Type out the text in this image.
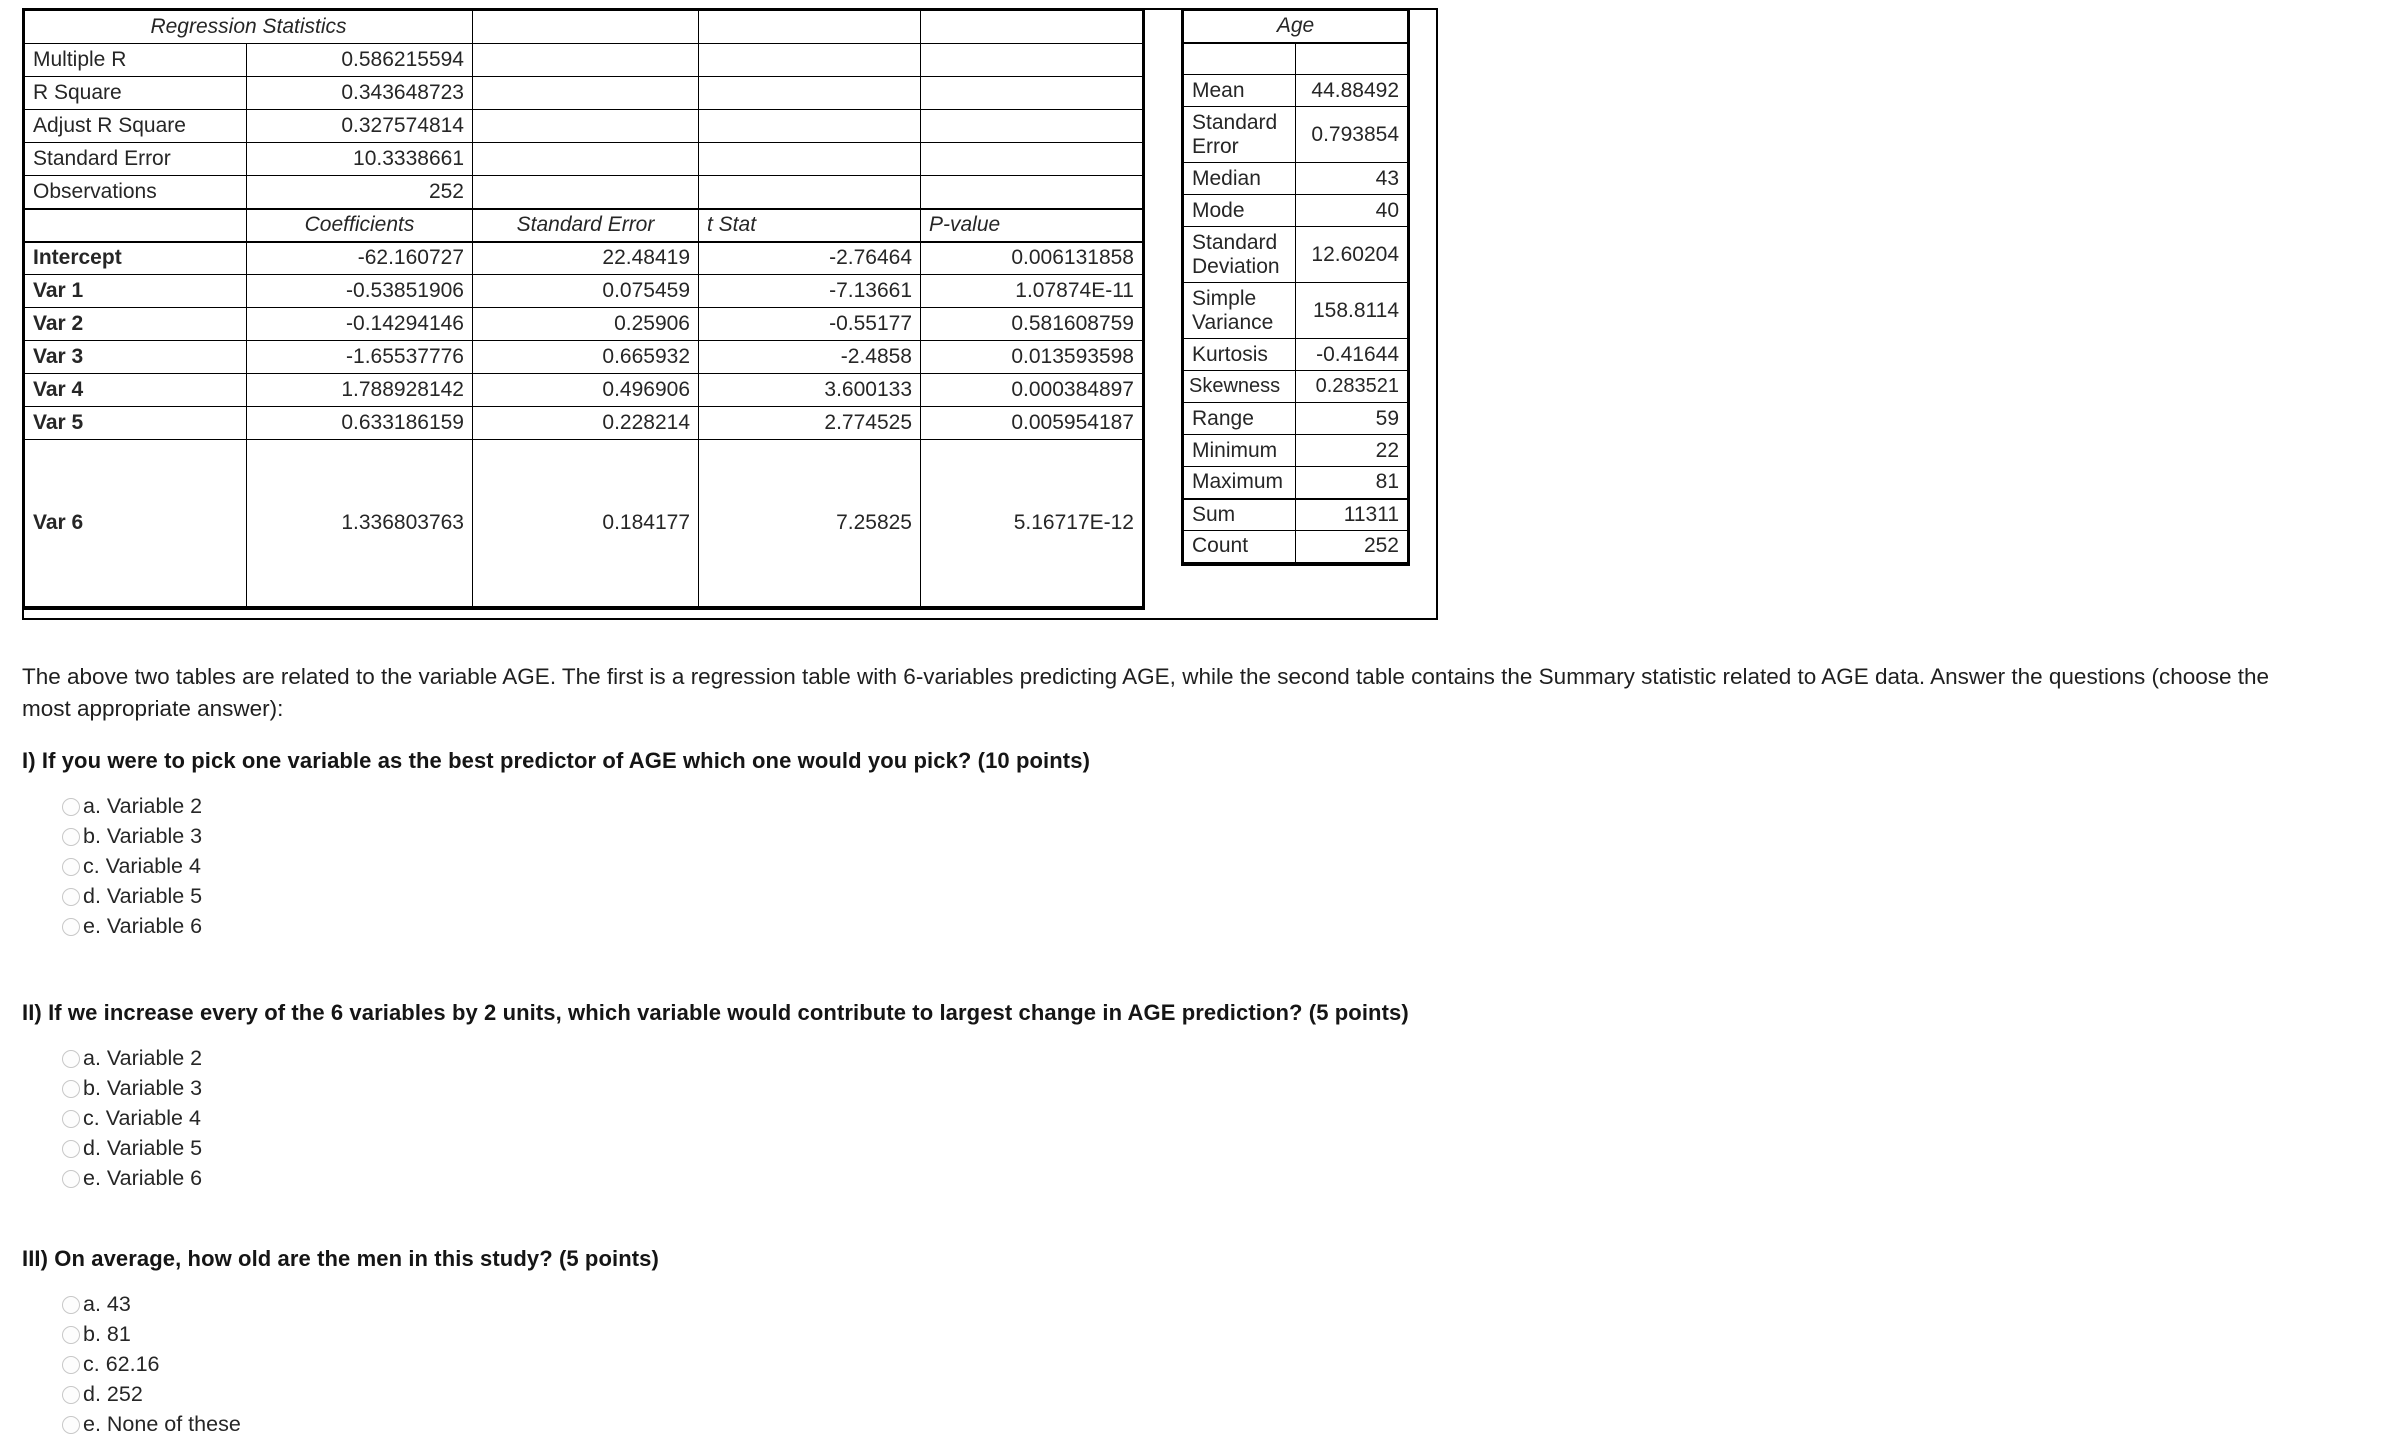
Regression Statistics				
Multiple R	0.586215594			
R Square	0.343648723			
Adjust R Square	0.327574814			
Standard Error	10.3338661			
Observations	252			
	Coefficients	Standard Error	t Stat	P-value
Intercept	-62.160727	22.48419	-2.76464	0.006131858
Var 1	-0.53851906	0.075459	-7.13661	1.07874E-11
Var 2	-0.14294146	0.25906	-0.55177	0.581608759
Var 3	-1.65537776	0.665932	-2.4858	0.013593598
Var 4	1.788928142	0.496906	3.600133	0.000384897
Var 5	0.633186159	0.228214	2.774525	0.005954187
Var 6	1.336803763	0.184177	7.25825	5.16717E-12
Age	

Mean	44.88492
Standard
Error	0.793854
Median	43
Mode	40
Standard
Deviation	12.60204
Simple
Variance	158.8114
Kurtosis	-0.41644
Skewness	0.283521
Range	59
Minimum	22
Maximum	81
Sum	11311
Count	252

The above two tables are related to the variable AGE. The first is a regression table with 6-variables predicting AGE, while the second table contains the Summary statistic related to AGE data. Answer the questions (choose the most appropriate answer):

I) If you were to pick one variable as the best predictor of AGE which one would you pick? (10 points)
a. Variable 2
b. Variable 3
c. Variable 4
d. Variable 5
e. Variable 6
II) If we increase every of the 6 variables by 2 units, which variable would contribute to largest change in AGE prediction? (5 points)
a. Variable 2
b. Variable 3
c. Variable 4
d. Variable 5
e. Variable 6
III) On average, how old are the men in this study? (5 points)
a. 43
b. 81
c. 62.16
d. 252
e. None of these
